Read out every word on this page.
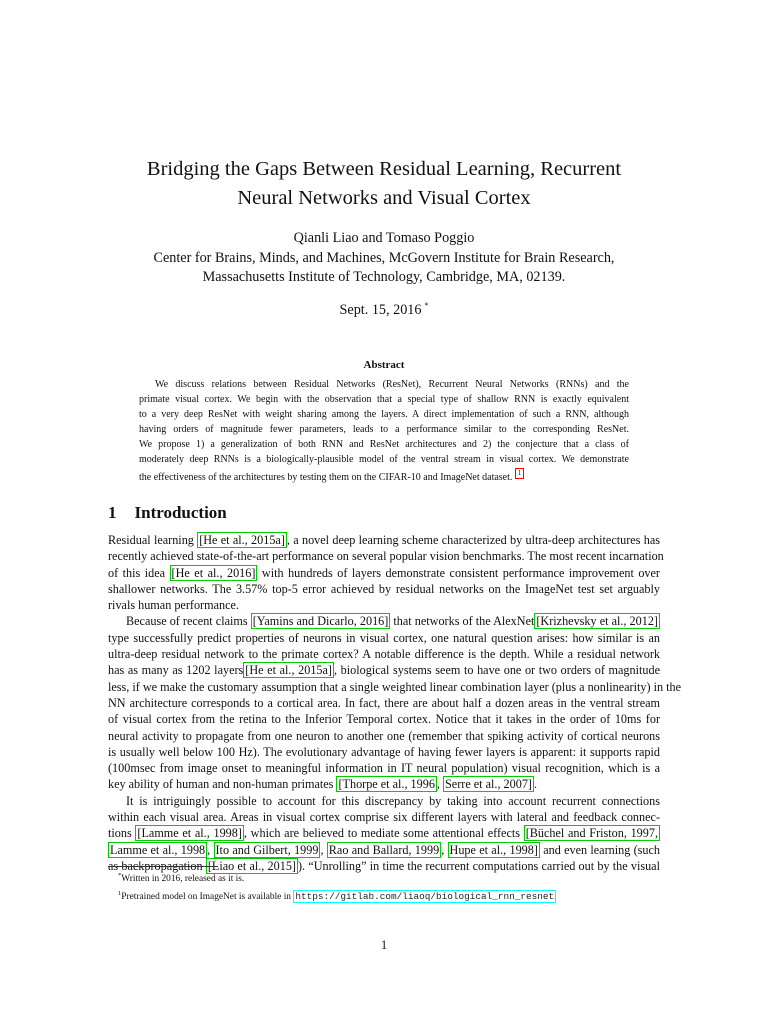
Bridging the Gaps Between Residual Learning, Recurrent
Neural Networks and Visual Cortex
Qianli Liao and Tomaso Poggio
Center for Brains, Minds, and Machines, McGovern Institute for Brain Research,
Massachusetts Institute of Technology, Cambridge, MA, 02139.
Sept. 15, 2016 *
Abstract
We discuss relations between Residual Networks (ResNet), Recurrent Neural Networks (RNNs) and the
primate visual cortex. We begin with the observation that a special type of shallow RNN is exactly equivalent
to a very deep ResNet with weight sharing among the layers. A direct implementation of such a RNN, although
having orders of magnitude fewer parameters, leads to a performance similar to the corresponding ResNet.
We propose 1) a generalization of both RNN and ResNet architectures and 2) the conjecture that a class of
moderately deep RNNs is a biologically-plausible model of the ventral stream in visual cortex. We demonstrate
the effectiveness of the architectures by testing them on the CIFAR-10 and ImageNet dataset. 1
1 Introduction
Residual learning [He et al., 2015a] , a novel deep learning scheme characterized by ultra-deep architectures has
recently achieved state-of-the-art performance on several popular vision benchmarks. The most recent incarnation
of this idea [He et al., 2016] with hundreds of layers demonstrate consistent performance improvement over
shallower networks. The 3.57% top-5 error achieved by residual networks on the ImageNet test set arguably
rivals human performance.
Because of recent claims [Yamins and Dicarlo, 2016] that networks of the AlexNet [Krizhevsky et al., 2012]
type successfully predict properties of neurons in visual cortex, one natural question arises: how similar is an
ultra-deep residual network to the primate cortex? A notable difference is the depth. While a residual network
has as many as 1202 layers [He et al., 2015a] , biological systems seem to have one or two orders of magnitude
less, if we make the customary assumption that a single weighted linear combination layer (plus a nonlinearity) in the
NN architecture corresponds to a cortical area. In fact, there are about half a dozen areas in the ventral stream
of visual cortex from the retina to the Inferior Temporal cortex. Notice that it takes in the order of 10ms for
neural activity to propagate from one neuron to another one (remember that spiking activity of cortical neurons
is usually well below 100 Hz). The evolutionary advantage of having fewer layers is apparent: it supports rapid
(100msec from image onset to meaningful information in IT neural population) visual recognition, which is a
key ability of human and non-human primates [Thorpe et al., 1996 , Serre et al., 2007] .
It is intriguingly possible to account for this discrepancy by taking into account recurrent connections
within each visual area. Areas in visual cortex comprise six different layers with lateral and feedback connec-
tions [Lamme et al., 1998] , which are believed to mediate some attentional effects [Büchel and Friston, 1997,
Lamme et al., 1998 , Ito and Gilbert, 1999 , Rao and Ballard, 1999 , Hupe et al., 1998] and even learning (such
as backpropagation [Liao et al., 2015] ). “Unrolling” in time the recurrent computations carried out by the visual
*Written in 2016, released as it is.
$^1$Pretrained model on ImageNet is available in https://gitlab.com/liaoq/biological_rnn_resnet
1
